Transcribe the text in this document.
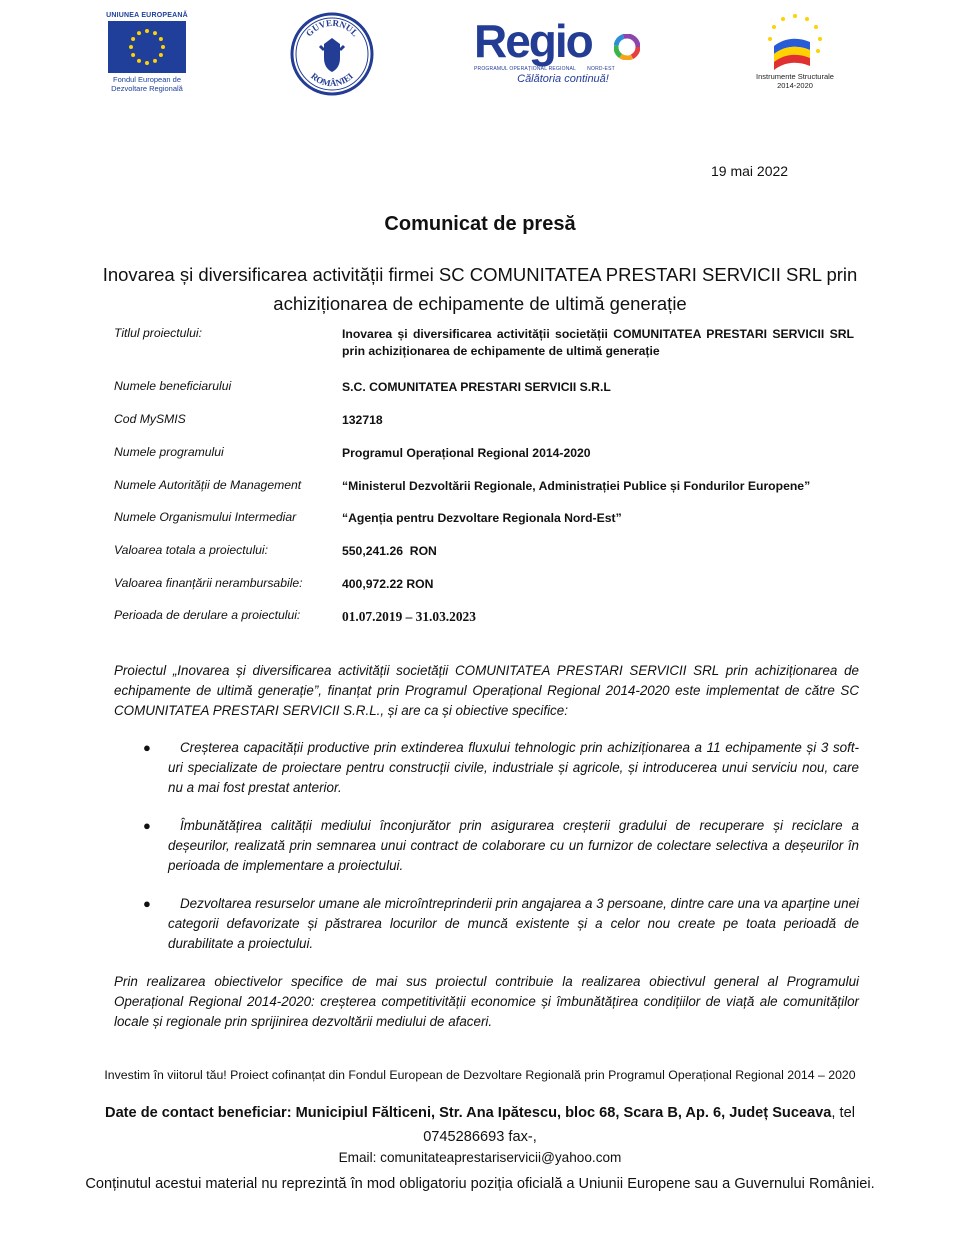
UNIUNEA EUROPEANĂ
Fondul European de Dezvoltare Regională
GUVERNUL
ROMÂNIEI
Regio
PROGRAMUL OPERAȚIONAL REGIONAL NORD-EST
Călătoria continuă!	Instrumente Structurale
2014-2020
19 mai 2022
Comunicat de presă
Inovarea și diversificarea activității firmei SC COMUNITATEA PRESTARI SERVICII SRL prin achiziționarea de echipamente de ultimă generație
Titlul proiectului:	Inovarea și diversificarea activității societății COMUNITATEA PRESTARI SERVICII SRL prin achiziționarea de echipamente de ultimă generație
Numele beneficiarului	S.C. COMUNITATEA PRESTARI SERVICII S.R.L
Cod MySMIS	132718
Numele programului	Programul Operațional Regional 2014-2020
Numele Autorității de Management	“Ministerul Dezvoltării Regionale, Administrației Publice și Fondurilor Europene”
Numele Organismului Intermediar	“Agenția pentru Dezvoltare Regionala Nord-Est”
Valoarea totala a proiectului:	550,241.26  RON
Valoarea finanțării nerambursabile:	400,972.22 RON
Perioada de derulare a proiectului:	01.07.2019 – 31.03.2023
Proiectul „Inovarea și diversificarea activității societății COMUNITATEA PRESTARI SERVICII SRL prin achiziționarea de echipamente de ultimă generație”, finanțat prin Programul Operațional Regional 2014-2020 este implementat de către SC COMUNITATEA PRESTARI SERVICII S.R.L., și are ca și obiective specifice:
●	Creșterea capacității productive prin extinderea fluxului tehnologic prin achiziționarea a 11 echipamente și 3 soft-uri specializate de proiectare pentru construcții civile, industriale și agricole, și introducerea unui serviciu nou, care nu a mai fost prestat anterior.
●	Îmbunătățirea calității mediului înconjurător prin asigurarea creșterii gradului de recuperare și reciclare a deșeurilor, realizată prin semnarea unui contract de colaborare cu un furnizor de colectare selectiva a deșeurilor în perioada de implementare a proiectului.
●	Dezvoltarea resurselor umane ale microîntreprinderii prin angajarea a 3 persoane, dintre care una va aparține unei categorii defavorizate și păstrarea locurilor de muncă existente și a celor nou create pe toata perioadă de durabilitate a proiectului.
Prin realizarea obiectivelor specifice de mai sus proiectul contribuie la realizarea obiectivul general al Programului Operațional Regional 2014-2020: creșterea competitivității economice și îmbunătățirea condițiilor de viață ale comunităților locale și regionale prin sprijinirea dezvoltării mediului de afaceri.
Investim în viitorul tău! Proiect cofinanțat din Fondul European de Dezvoltare Regională prin Programul Operațional Regional 2014 – 2020
Date de contact beneficiar: Municipiul Fălticeni, Str. Ana Ipătescu, bloc 68, Scara B, Ap. 6, Județ Suceava, tel 0745286693 fax-,
Email: comunitateaprestariservicii@yahoo.com
Conținutul acestui material nu reprezintă în mod obligatoriu poziția oficială a Uniunii Europene sau a Guvernului României.
